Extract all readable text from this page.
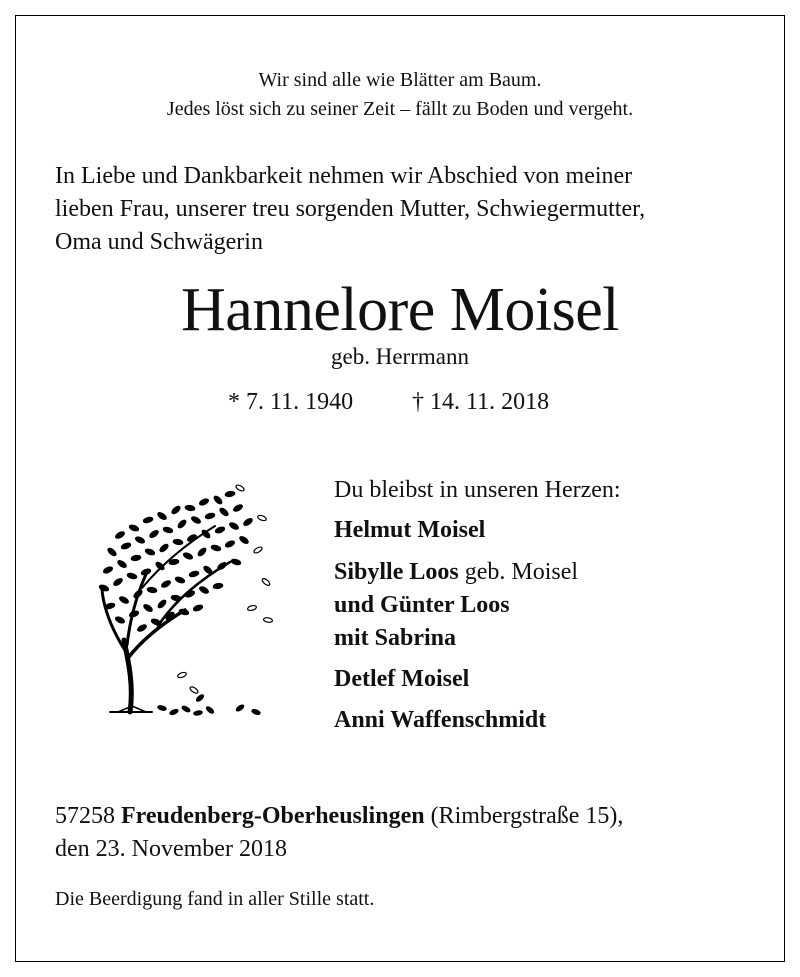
Wir sind alle wie Blätter am Baum.
Jedes löst sich zu seiner Zeit – fällt zu Boden und vergeht.
In Liebe und Dankbarkeit nehmen wir Abschied von meiner
lieben Frau, unserer treu sorgenden Mutter, Schwiegermutter,
Oma und Schwägerin
Hannelore Moisel
geb. Herrmann
* 7. 11. 1940 † 14. 11. 2018
Du bleibst in unseren Herzen:
Helmut Moisel
Sibylle Loos geb. Moisel
und Günter Loos
mit Sabrina
Detlef Moisel
Anni Waffenschmidt
57258 Freudenberg-Oberheuslingen (Rimbergstraße 15),
den 23. November 2018
Die Beerdigung fand in aller Stille statt.
